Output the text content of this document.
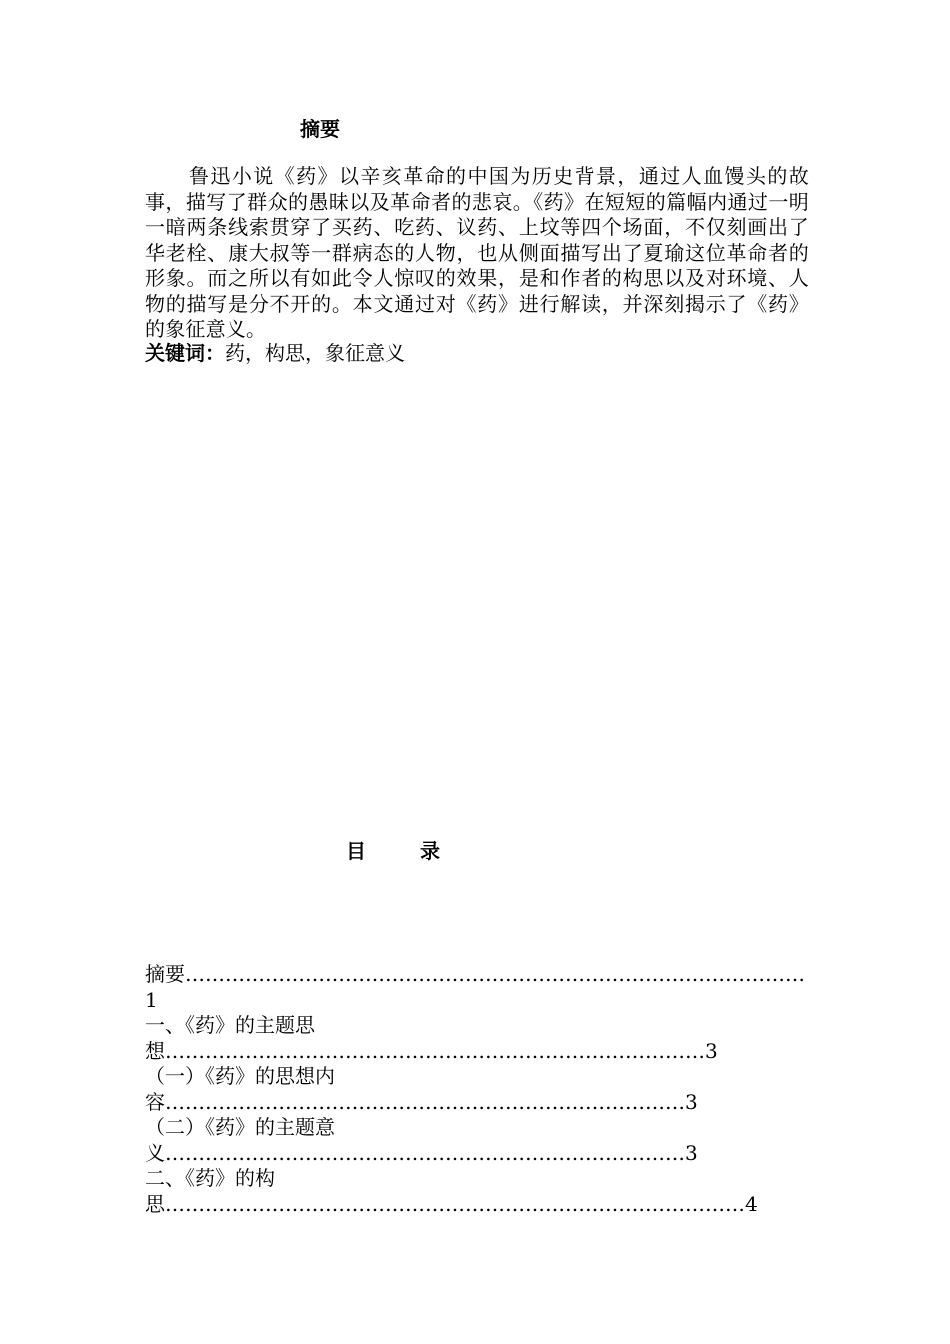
摘要

鲁迅小说《药》以辛亥革命的中国为历史背景，通过人血馒头的故事，描写了群众的愚昧以及革命者的悲哀。《药》在短短的篇幅内通过一明一暗两条线索贯穿了买药、吃药、议药、上坟等四个场面，不仅刻画出了华老栓、康大叔等一群病态的人物，也从侧面描写出了夏瑜这位革命者的形象。而之所以有如此令人惊叹的效果，是和作者的构思以及对环境、人物的描写是分不开的。本文通过对《药》进行解读，并深刻揭示了《药》的象征意义。

关键词：药，构思，象征意义

目	录
摘要………………………………………………………………………………… 1
一、《药》的主题思想………………………………………………………………………3
（一）《药》的思想内容……………………………………………………………………3
（二）《药》的主题意义……………………………………………………………………3
二、《药》的构思……………………………………………………………………………4
